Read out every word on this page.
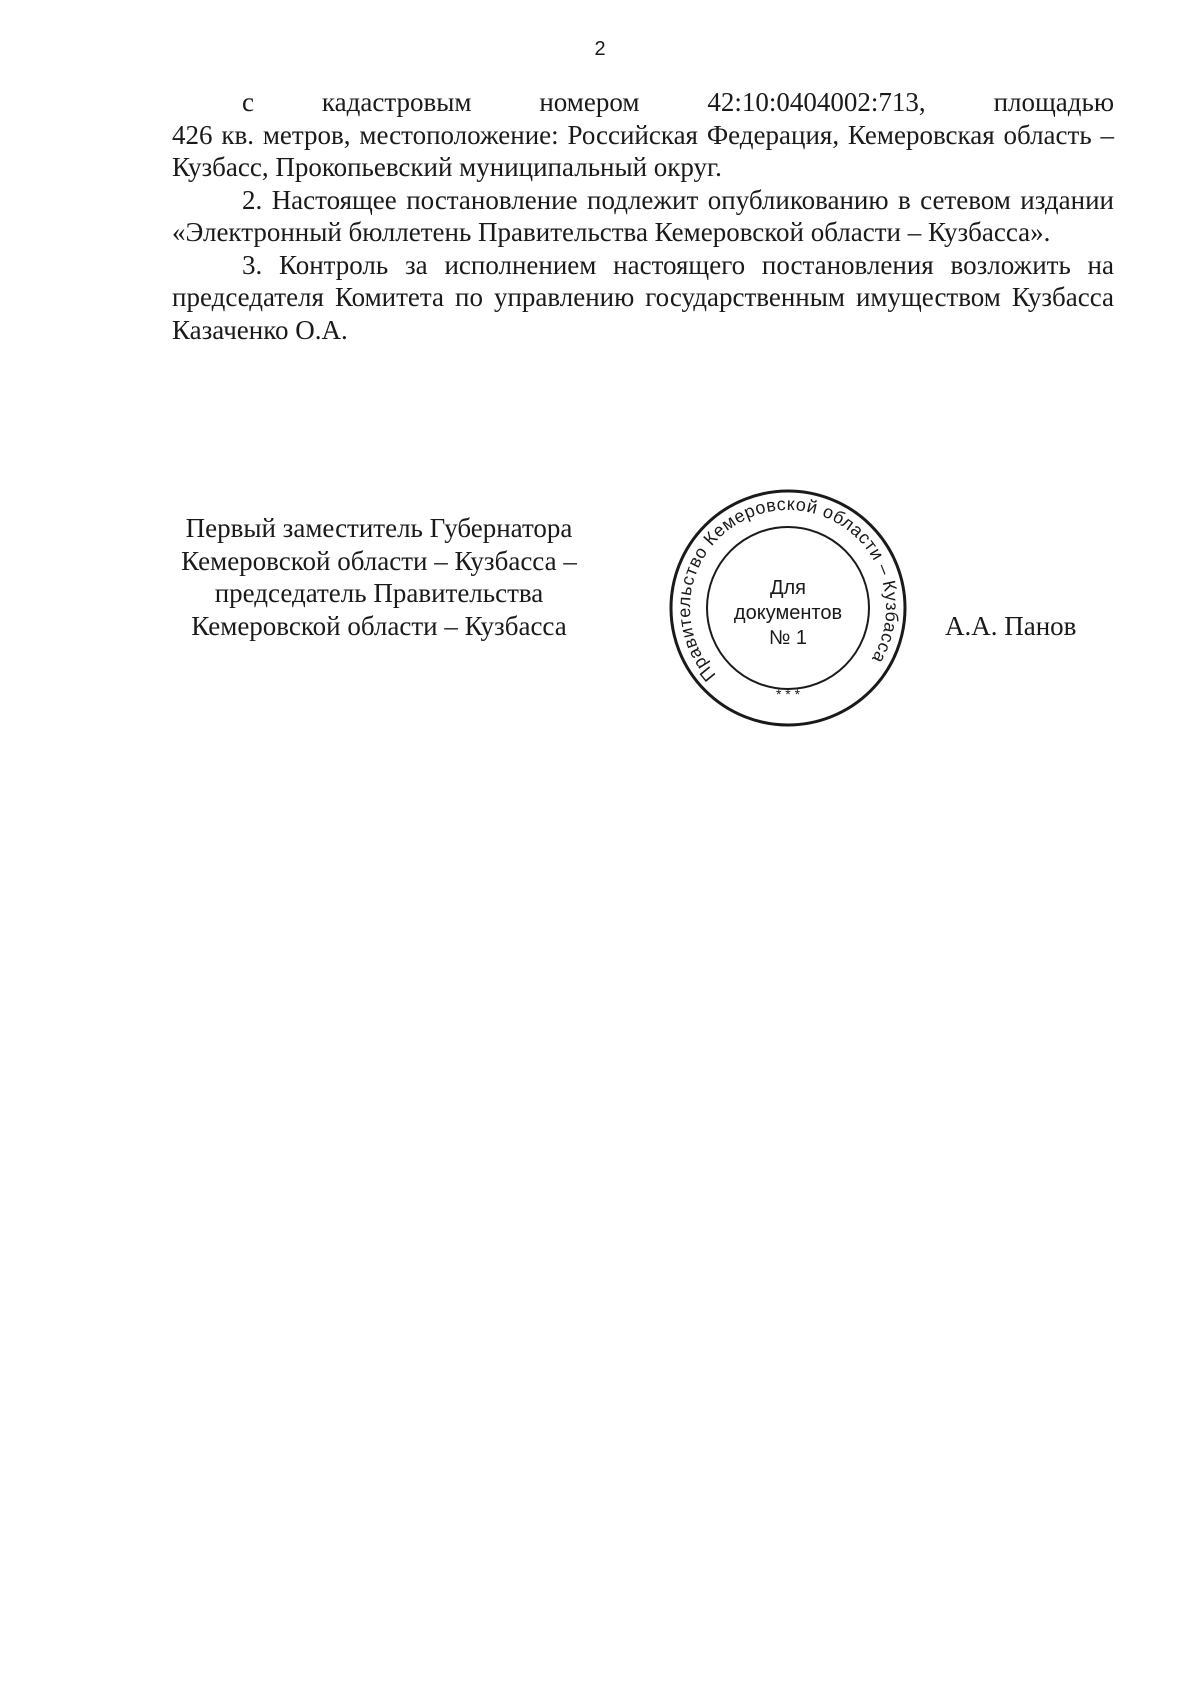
2

с кадастровым номером 42:10:0404002:713, площадью

426 кв. метров, местоположение: Российская Федерация, Кемеровская область – Кузбасс, Прокопьевский муниципальный округ.

2. Настоящее постановление подлежит опубликованию в сетевом издании «Электронный бюллетень Правительства Кемеровской области – Кузбасса».

3. Контроль за исполнением настоящего постановления возложить на председателя Комитета по управлению государственным имуществом Кузбасса Казаченко О.А.

Первый заместитель Губернатора
Кемеровской области – Кузбасса –
председатель Правительства
Кемеровской области – Кузбасса
Правительство Кемеровской области – Кузбасса
* * *
Для
документов
№ 1	А.А. Панов
